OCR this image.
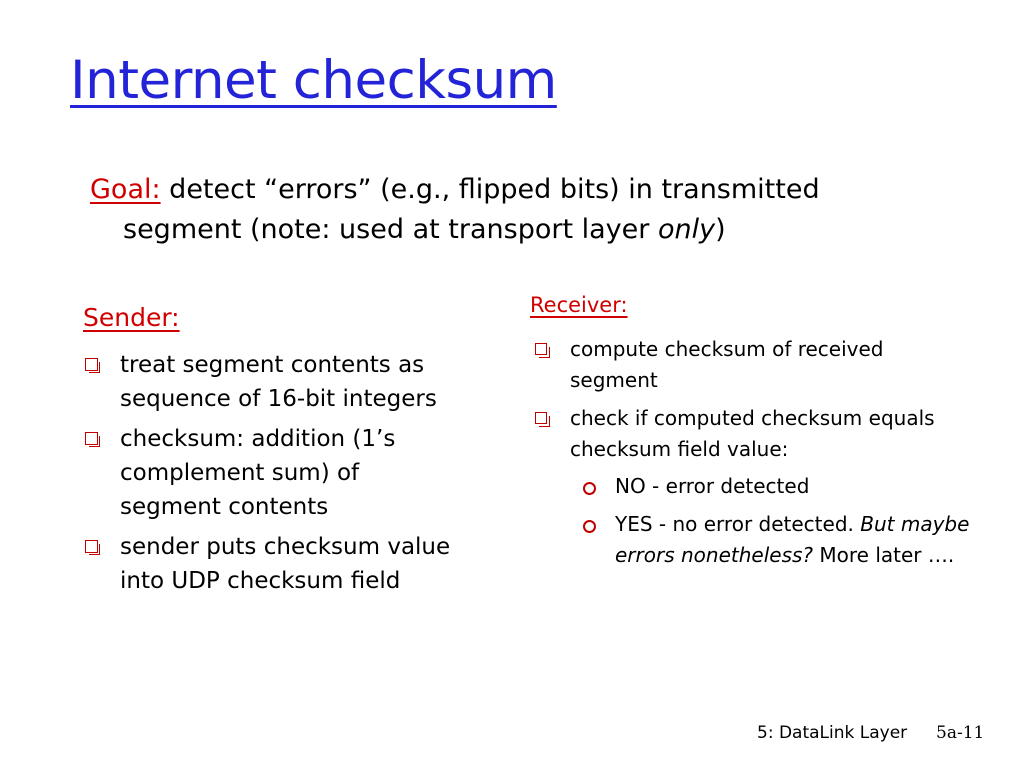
Internet checksum
Goal: detect “errors” (e.g., flipped bits) in transmitted
segment (note: used at transport layer only)
Sender:
treat segment contents as sequence of 16-bit integers
checksum: addition (1’s complement sum) of segment contents
sender puts checksum value into UDP checksum field
Receiver:
compute checksum of received segment
check if computed checksum equals checksum field value:
NO - error detected
YES - no error detected. But maybe errors nonetheless? More later ….
5: DataLink Layer 5a-11
